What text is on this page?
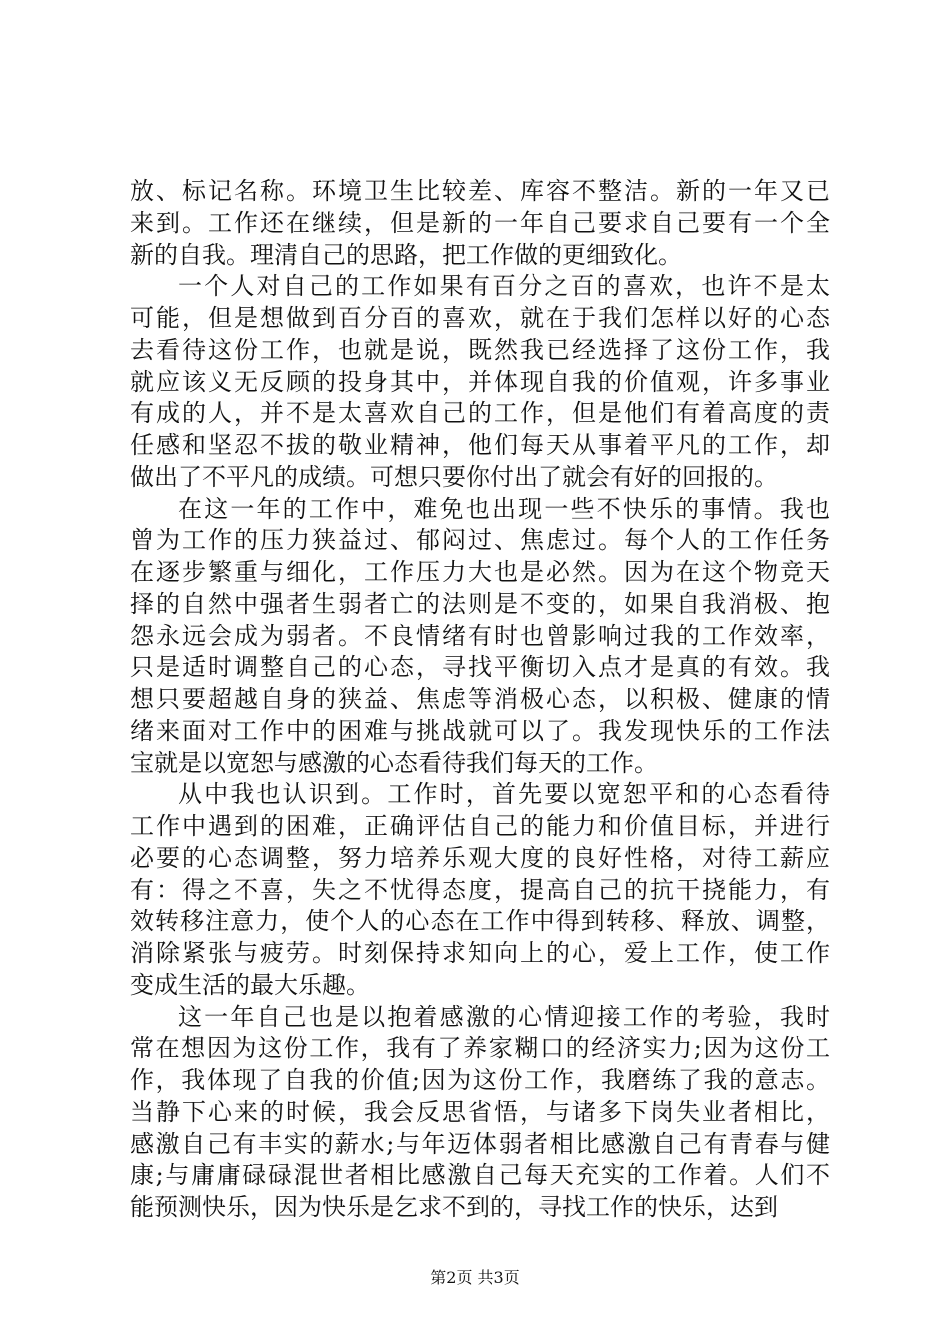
放、标记名称。环境卫生比较差、库容不整洁。新的一年又已
来到。工作还在继续，但是新的一年自己要求自己要有一个全
新的自我。理清自己的思路，把工作做的更细致化。
一个人对自己的工作如果有百分之百的喜欢，也许不是太
可能，但是想做到百分百的喜欢，就在于我们怎样以好的心态
去看待这份工作，也就是说，既然我已经选择了这份工作，我
就应该义无反顾的投身其中，并体现自我的价值观，许多事业
有成的人，并不是太喜欢自己的工作，但是他们有着高度的责
任感和坚忍不拔的敬业精神，他们每天从事着平凡的工作，却
做出了不平凡的成绩。可想只要你付出了就会有好的回报的。
在这一年的工作中，难免也出现一些不快乐的事情。我也
曾为工作的压力狭益过、郁闷过、焦虑过。每个人的工作任务
在逐步繁重与细化，工作压力大也是必然。因为在这个物竞天
择的自然中强者生弱者亡的法则是不变的，如果自我消极、抱
怨永远会成为弱者。不良情绪有时也曾影响过我的工作效率，
只是适时调整自己的心态，寻找平衡切入点才是真的有效。我
想只要超越自身的狭益、焦虑等消极心态，以积极、健康的情
绪来面对工作中的困难与挑战就可以了。我发现快乐的工作法
宝就是以宽恕与感激的心态看待我们每天的工作。
从中我也认识到。工作时，首先要以宽恕平和的心态看待
工作中遇到的困难，正确评估自己的能力和价值目标，并进行
必要的心态调整，努力培养乐观大度的良好性格，对待工薪应
有：得之不喜，失之不忧得态度，提高自己的抗干挠能力，有
效转移注意力，使个人的心态在工作中得到转移、释放、调整，
消除紧张与疲劳。时刻保持求知向上的心，爱上工作，使工作
变成生活的最大乐趣。
这一年自己也是以抱着感激的心情迎接工作的考验，我时
常在想因为这份工作，我有了养家糊口的经济实力;因为这份工
作，我体现了自我的价值;因为这份工作，我磨练了我的意志。
当静下心来的时候，我会反思省悟，与诸多下岗失业者相比，
感激自己有丰实的薪水;与年迈体弱者相比感激自己有青春与健
康;与庸庸碌碌混世者相比感激自己每天充实的工作着。人们不
能预测快乐，因为快乐是乞求不到的，寻找工作的快乐，达到
第2页 共3页
